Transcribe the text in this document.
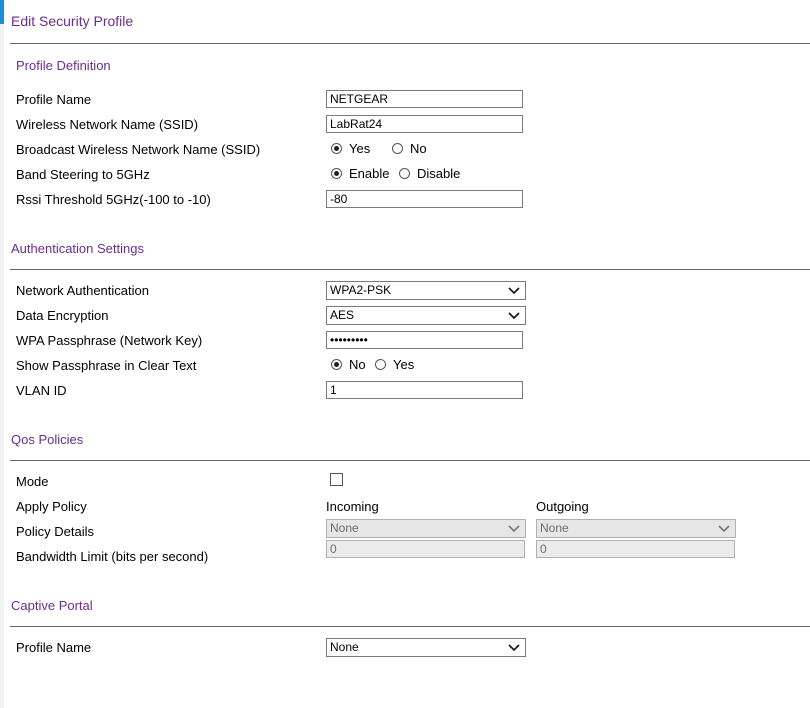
Edit Security Profile
Profile Definition
Profile Name	NETGEAR
Wireless Network Name (SSID)	LabRat24
Broadcast Wireless Network Name (SSID)	Yes	No
Band Steering to 5GHz	Enable Disable
Rssi Threshold 5GHz(-100 to -10)	-80
Authentication Settings
Network Authentication	WPA2-PSK
Data Encryption	AES
WPA Passphrase (Network Key)	•••••••••
Show Passphrase in Clear Text	No Yes
VLAN ID	1
Qos Policies
Mode
Apply Policy	Incoming	Outgoing
Policy Details	None	None
Bandwidth Limit (bits per second)	0	0
Captive Portal
Profile Name	None
